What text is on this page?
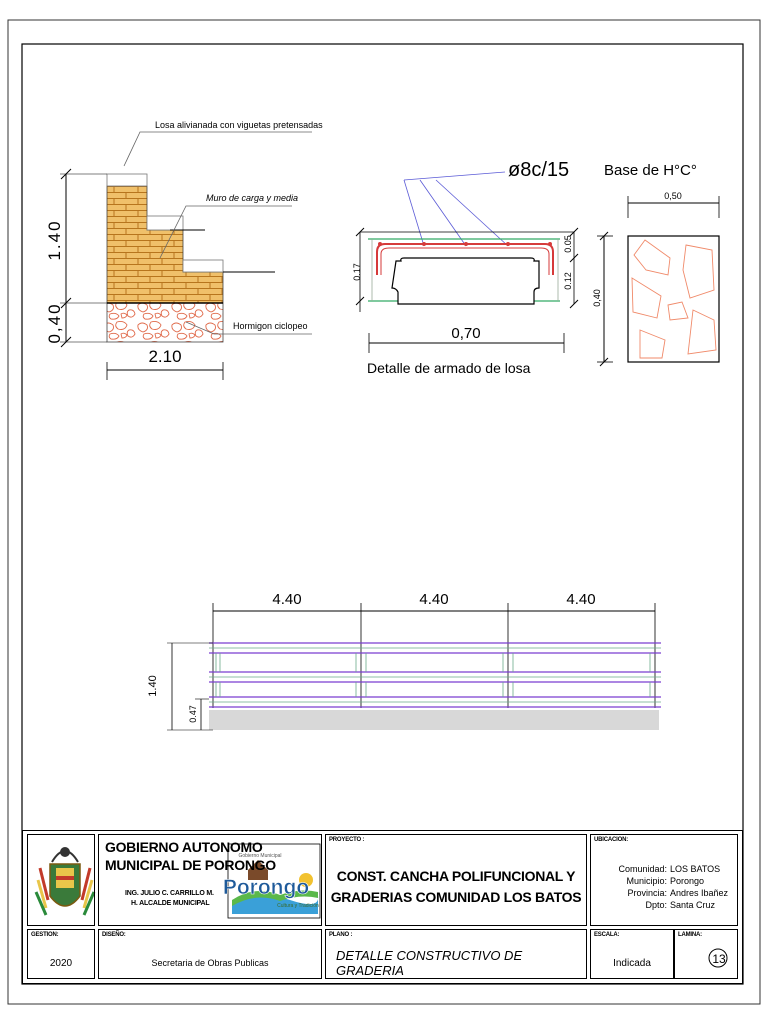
Losa alivianada con viguetas pretensadas
Muro de carga y media
Hormigon ciclopeo
1.40
0,40
2.10
ø8c/15
0.17
0.05
0.12
0,70
Detalle de armado de losa
Base de H°C°
0,50
0,40
4.40	4.40	4.40
1.40
0.47
Gobierno Municipal
Porongo
Cultura y Tradición
GOBIERNO AUTONOMO
MUNICIPAL DE PORONGO
ING. JULIO C. CARRILLO M.
H. ALCALDE MUNICIPAL
PROYECTO :
CONST. CANCHA POLIFUNCIONAL Y
GRADERIAS COMUNIDAD LOS BATOS
UBICACION:
Comunidad:
Municipio:
Provincia:
Dpto:
LOS BATOS
Porongo
Andres Ibañez
Santa Cruz
GESTION:
2020
DISEÑO:
Secretaria de Obras Publicas
PLANO :
DETALLE CONSTRUCTIVO DE GRADERIA
ESCALA:
Indicada
LAMINA:
13
